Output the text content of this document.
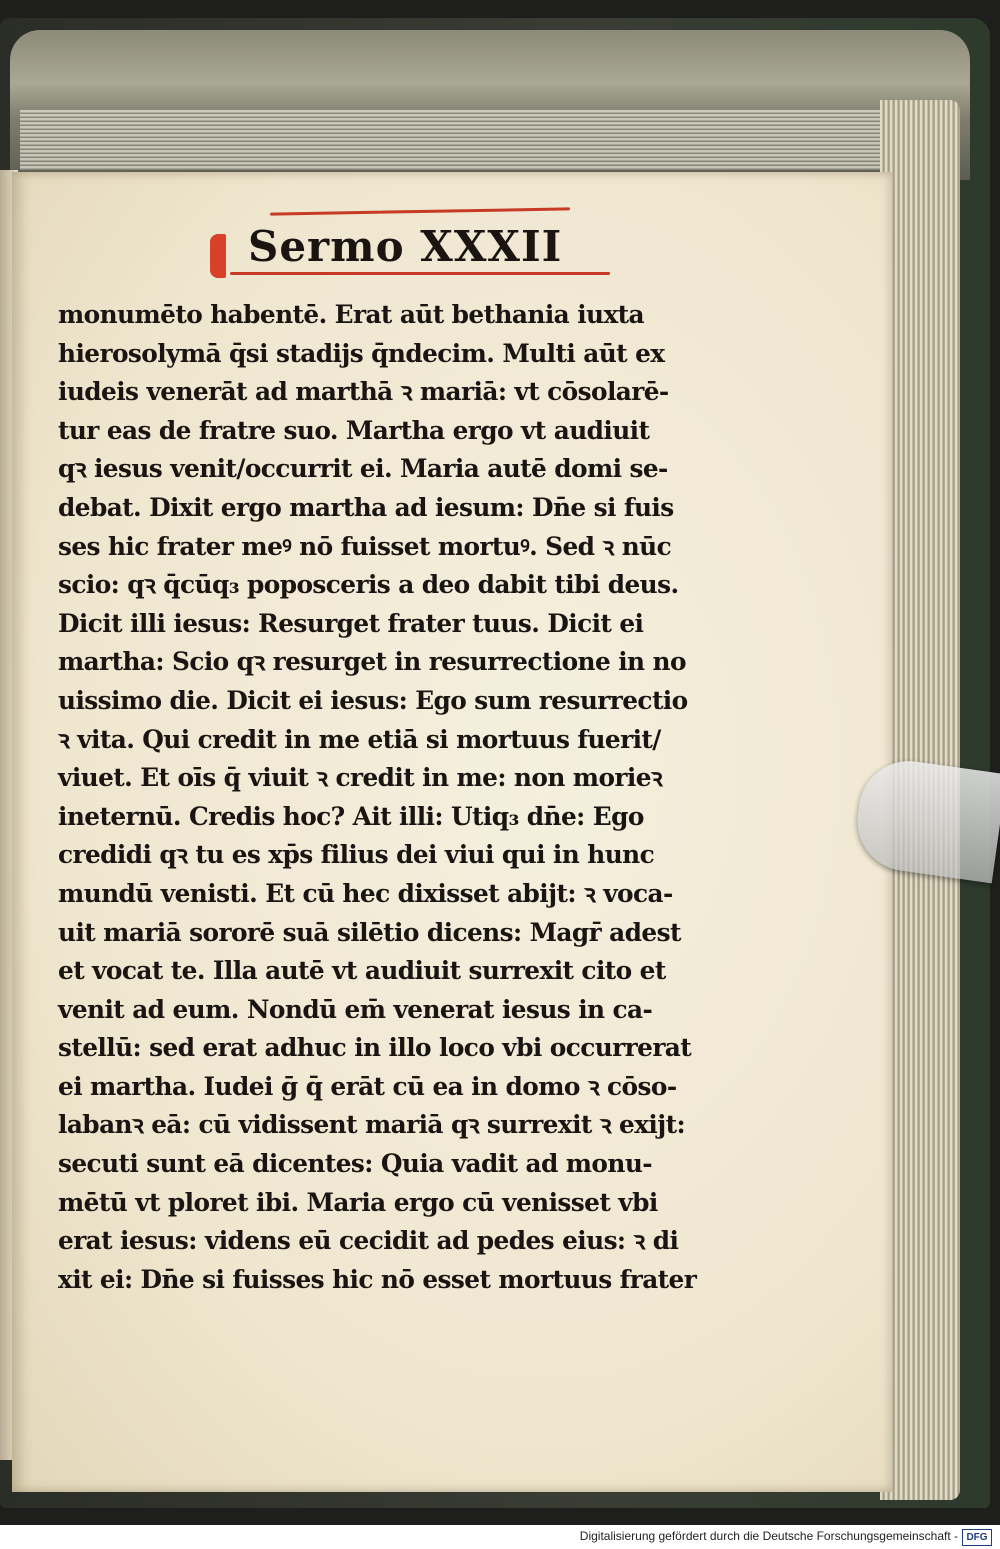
Sermo XXXII
monumēto habentē. Erat aūt bethania iuxta
hierosolymā q̄si stadijs q̄ndecim. Multi aūt ex
iudeis venerāt ad marthā ꝛ mariā: vt cōsolarē-
tur eas de fratre suo. Martha ergo vt audiuit
qꝛ iesus venit/occurrit ei. Maria autē domi se-
debat. Dixit ergo martha ad iesum: Dn̄e si fuis
ses hic frater meꝰ nō fuisset mortuꝰ. Sed ꝛ nūc
scio: qꝛ q̄cūq₃ poposceris a deo dabit tibi deus.
Dicit illi iesus: Resurget frater tuus. Dicit ei
martha: Scio qꝛ resurget in resurrectione in no
uissimo die. Dicit ei iesus: Ego sum resurrectio
ꝛ vita. Qui credit in me etiā si mortuus fuerit/
viuet. Et oīs q̄ viuit ꝛ credit in me: non morieꝛ
ineternū. Credis hoc? Ait illi: Utiq₃ dn̄e: Ego
credidi qꝛ tu es xp̄s filius dei viui qui in hunc
mundū venisti. Et cū hec dixisset abijt: ꝛ voca-
uit mariā sororē suā silētio dicens: Magr̄ adest
et vocat te. Illa autē vt audiuit surrexit cito et
venit ad eum. Nondū em̄ venerat iesus in ca-
stellū: sed erat adhuc in illo loco vbi occurrerat
ei martha. Iudei ḡ q̄ erāt cū ea in domo ꝛ cōso-
labanꝛ eā: cū vidissent mariā qꝛ surrexit ꝛ exijt:
secuti sunt eā dicentes: Quia vadit ad monu-
mētū vt ploret ibi. Maria ergo cū venisset vbi
erat iesus: videns eū cecidit ad pedes eius: ꝛ di
xit ei: Dn̄e si fuisses hic nō esset mortuus frater
Digitalisierung gefördert durch die Deutsche Forschungsgemeinschaft - DFG
